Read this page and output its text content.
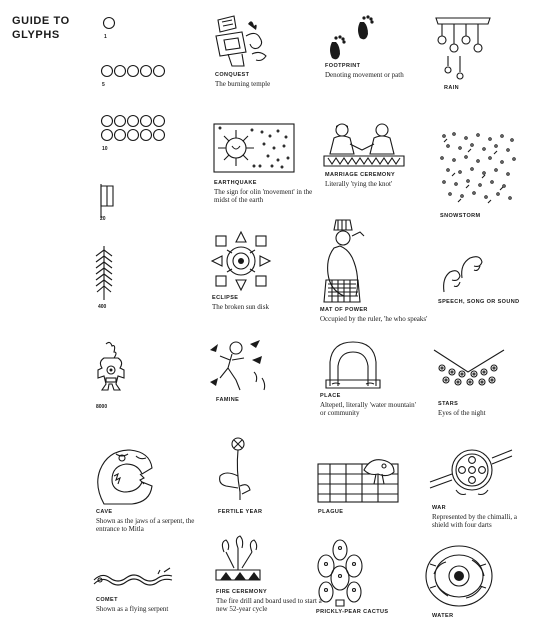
GUIDE TO
GLYPHS	1
5
10
20
400
8000
CONQUEST
The burning temple
FOOTPRINT
Denoting movement or path
RAIN
EARTHQUAKE
The sign for olin 'movement' in the midst of the earth
MARRIAGE CEREMONY
Literally 'tying the knot'
SNOWSTORM
ECLIPSE
The broken sun disk	MAT OF POWER
Occupied by the ruler, 'he who speaks'
SPEECH, SONG OR SOUND
FAMINE
PLACE
Altepetl, literally 'water mountain' or community
STARS
Eyes of the night
CAVE
Shown as the jaws of a serpent, the entrance to Mitla
FERTILE YEAR	PLAGUE
WAR
Represented by the chimalli, a shield with four darts
COMET
Shown as a flying serpent
FIRE CEREMONY
The fire drill and board used to start a new 52-year cycle	PRICKLY-PEAR CACTUS
WATER
